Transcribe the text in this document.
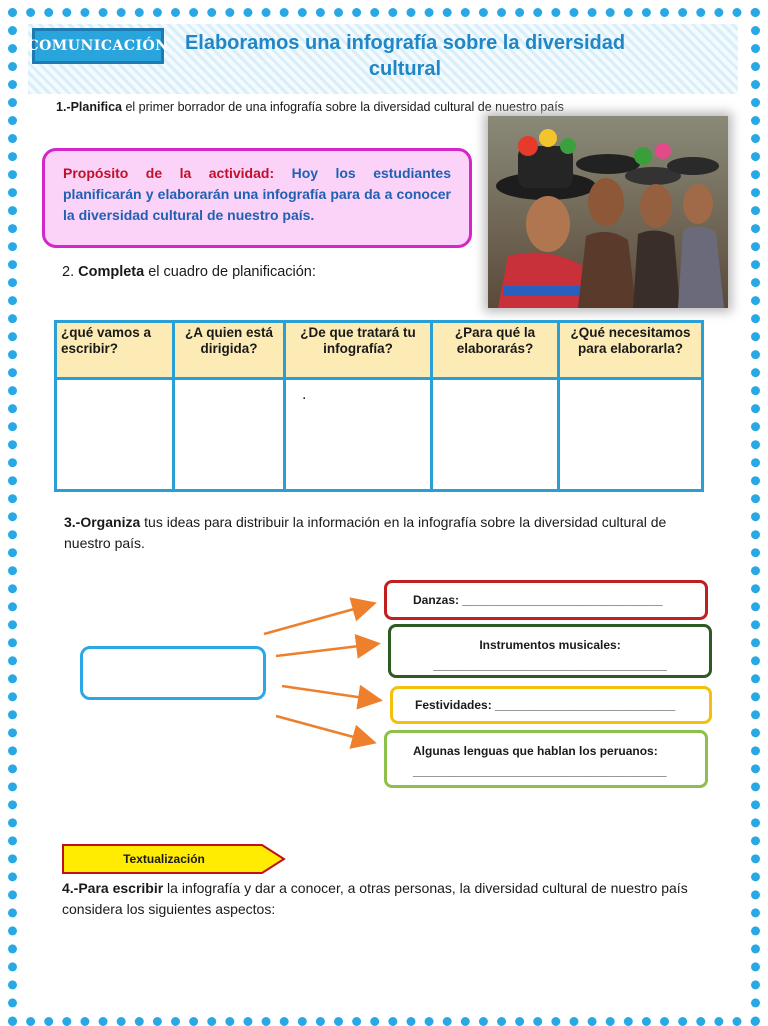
COMUNICACIÓN Elaboramos una infografía sobre la diversidad cultural
1.-Planifica el primer borrador de una infografía sobre la diversidad cultural de nuestro país
Propósito de la actividad: Hoy los estudiantes planificarán y elaborarán una infografía para da a conocer la diversidad cultural de nuestro país.
2. Completa el cuadro de planificación:
¿qué vamos a escribir?	¿A quien está dirigida?	¿De que tratará tu infografía?	¿Para qué la elaborarás?	¿Qué necesitamos para elaborarla?
		.		
3.-Organiza tus ideas para distribuir la información en la infografía sobre la diversidad cultural de nuestro país.
Danzas: ______________________________
Instrumentos musicales:
___________________________________
Festividades: ___________________________
Algunas lenguas que hablan los peruanos:
______________________________________
Textualización
4.-Para escribir la infografía y dar a conocer, a otras personas, la diversidad cultural de nuestro país considera los siguientes aspectos:
